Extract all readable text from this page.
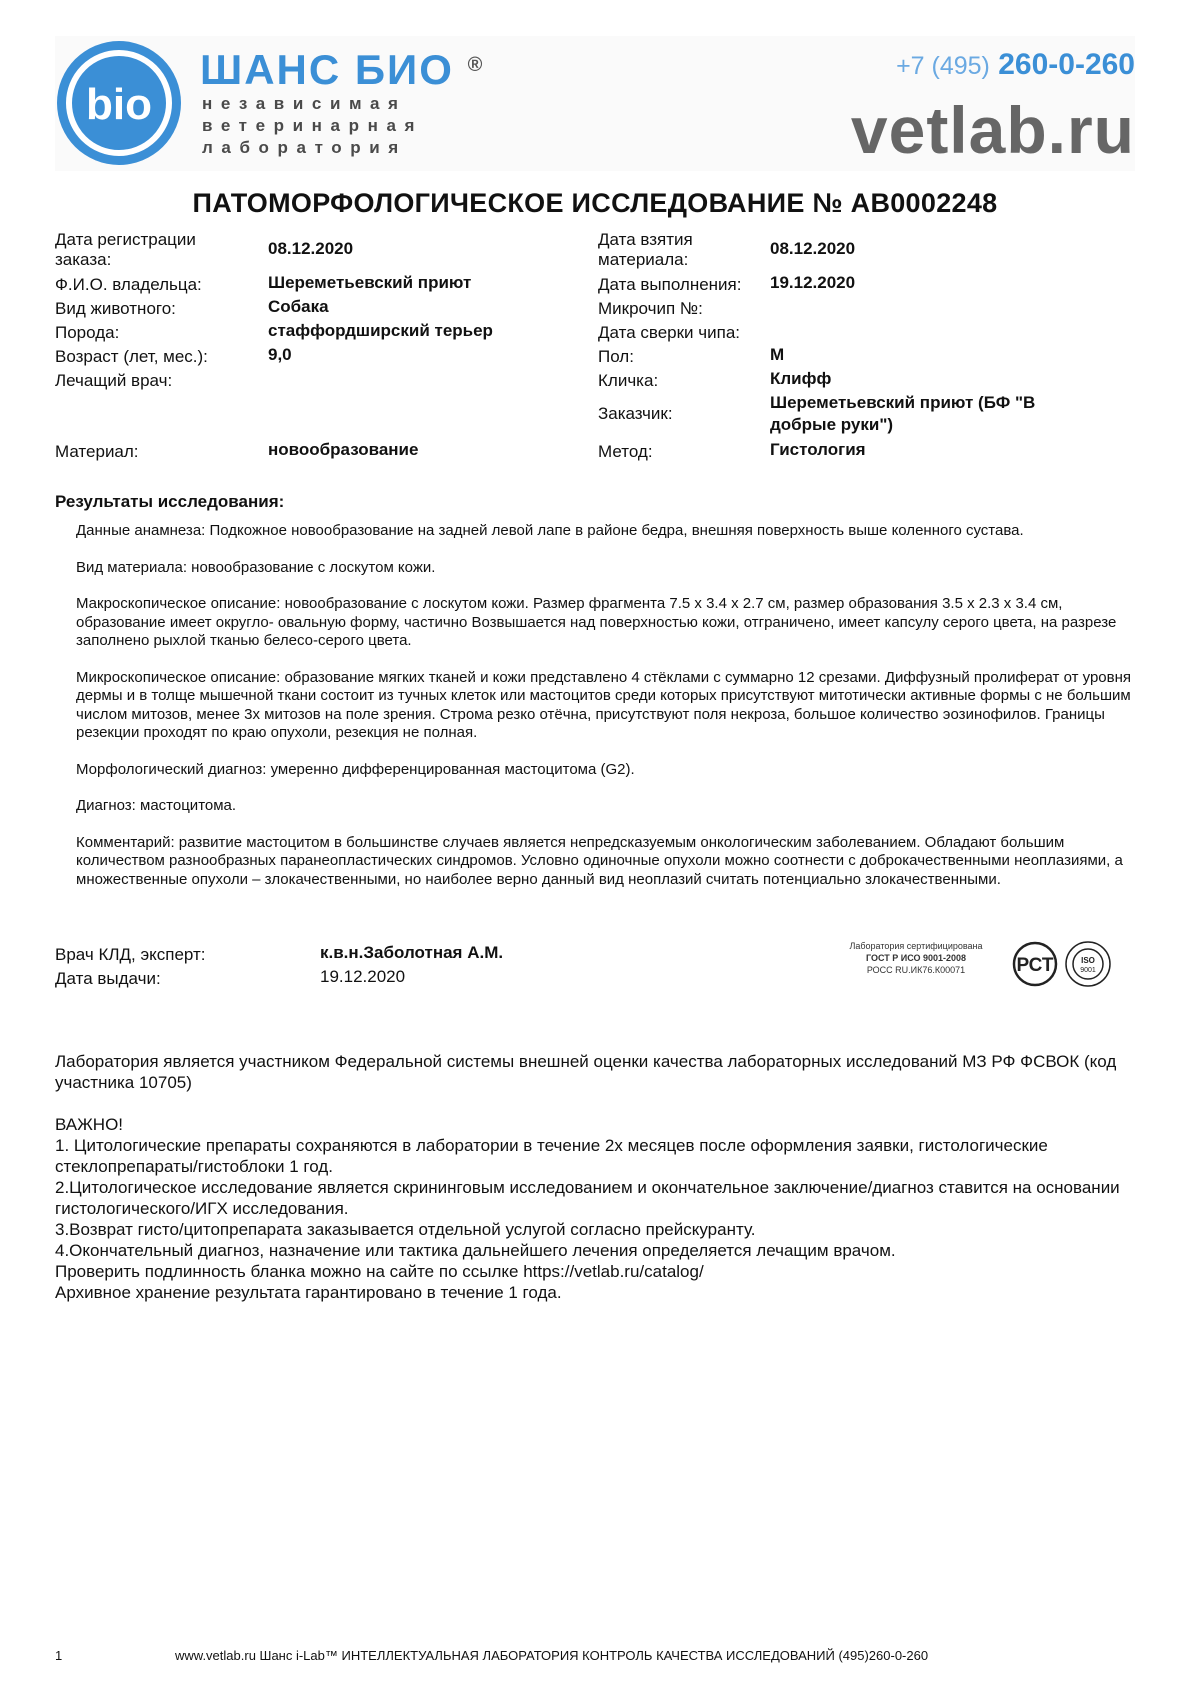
bio
ШАНС БИО ®
независимая
ветеринарная
лаборатория
+7 (495) 260-0-260
vetlab.ru
ПАТОМОРФОЛОГИЧЕСКОЕ ИССЛЕДОВАНИЕ № АВ0002248
Дата регистрации заказа:
08.12.2020
Ф.И.О. владельца:	Шереметьевский приют
Вид животного:	Собака
Порода:	стаффордширский терьер
Возраст (лет, мес.):	9,0
Лечащий врач:
Материал:	новообразование
Дата взятия материала:
08.12.2020
Дата выполнения: 19.12.2020
Микрочип №:
Дата сверки чипа:
Пол:	М
Кличка:	Клифф
Заказчик:
Шереметьевский приют (БФ "В добрые руки")
Метод:	Гистология
Результаты исследования:

Данные анамнеза: Подкожное новообразование на задней левой лапе в районе бедра, внешняя поверхность выше коленного сустава.

Вид материала: новообразование с лоскутом кожи.

Макроскопическое описание: новообразование с лоскутом кожи. Размер фрагмента 7.5 х 3.4 х 2.7 см, размер образования 3.5 х 2.3 х 3.4 см, образование имеет округло- овальную форму, частично Возвышается над поверхностью кожи, отграничено, имеет капсулу серого цвета, на разрезе заполнено рыхлой тканью белесо-серого цвета.

Микроскопическое описание: образование мягких тканей и кожи представлено 4 стёклами с суммарно 12 срезами. Диффузный пролиферат от уровня дермы и в толще мышечной ткани состоит из тучных клеток или мастоцитов среди которых присутствуют митотически активные формы с не большим числом митозов, менее 3х митозов на поле зрения. Строма резко отёчна, присутствуют поля некроза, большое количество эозинофилов. Границы резекции проходят по краю опухоли, резекция не полная.

Морфологический диагноз: умеренно дифференцированная мастоцитома (G2).

Диагноз: мастоцитома.

Комментарий: развитие мастоцитом в большинстве случаев является непредсказуемым онкологическим заболеванием. Обладают большим количеством разнообразных паранеопластических синдромов. Условно одиночные опухоли можно соотнести с доброкачественными неоплазиями, а множественные опухоли – злокачественными, но наиболее верно данный вид неоплазий считать потенциально злокачественными.

Врач КЛД, эксперт:	к.в.н.Заболотная А.М.
Дата выдачи:	19.12.2020
Лаборатория сертифицирована
ГОСТ Р ИСО 9001-2008
РОСС RU.ИК76.К00071	РСТ	ISO
9001
Лаборатория является участником Федеральной системы внешней оценки качества лабораторных исследований МЗ РФ ФСВОК (код участника 10705)
ВАЖНО!
1. Цитологические препараты сохраняются в лаборатории в течение 2х месяцев после оформления заявки, гистологические стеклопрепараты/гистоблоки 1 год.
2.Цитологическое исследование является скрининговым исследованием и окончательное заключение/диагноз ставится на основании гистологического/ИГХ исследования.
3.Возврат гисто/цитопрепарата заказывается отдельной услугой согласно прейскуранту.
4.Окончательный диагноз, назначение или тактика дальнейшего лечения определяется лечащим врачом.
Проверить подлинность бланка можно на сайте по ссылке https://vetlab.ru/catalog/
Архивное хранение результата гарантировано в течение 1 года.
1	www.vetlab.ru Шанс i-Lab™ ИНТЕЛЛЕКТУАЛЬНАЯ ЛАБОРАТОРИЯ КОНТРОЛЬ КАЧЕСТВА ИССЛЕДОВАНИЙ (495)260-0-260
